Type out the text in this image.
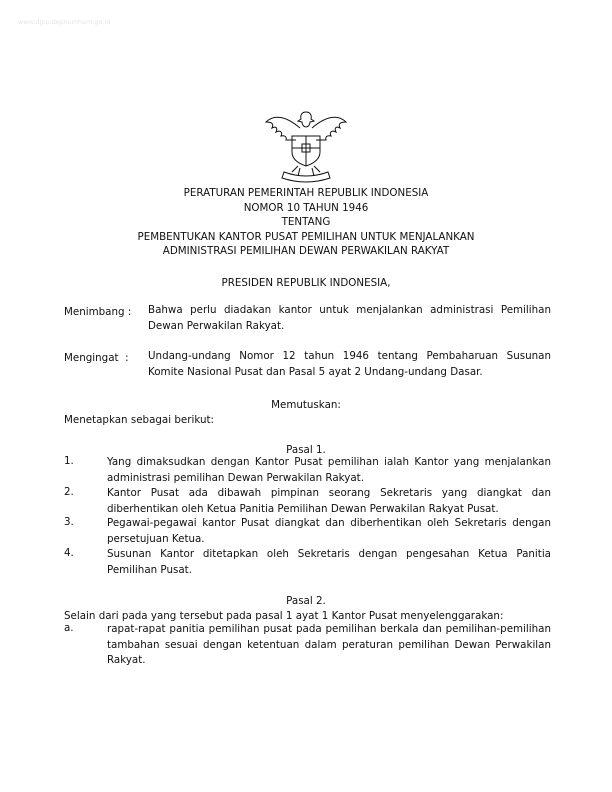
www.djpp.depkumham.go.id
PERATURAN PEMERINTAH REPUBLIK INDONESIA
NOMOR 10 TAHUN 1946
TENTANG
PEMBENTUKAN KANTOR PUSAT PEMILIHAN UNTUK MENJALANKAN
ADMINISTRASI PEMILIHAN DEWAN PERWAKILAN RAKYAT
PRESIDEN REPUBLIK INDONESIA,
Menimbang : Bahwa perlu diadakan kantor untuk menjalankan administrasi Pemilihan Dewan Perwakilan Rakyat.
Mengingat  : Undang-undang Nomor 12 tahun 1946 tentang Pembaharuan Susunan Komite Nasional Pusat dan Pasal 5 ayat 2 Undang-undang Dasar.
Memutuskan:
Menetapkan sebagai berikut:
Pasal 1.
1.	Yang dimaksudkan dengan Kantor Pusat pemilihan ialah Kantor yang menjalankan administrasi pemilihan Dewan Perwakilan Rakyat.
2.	Kantor Pusat ada dibawah pimpinan seorang Sekretaris yang diangkat dan diberhentikan oleh Ketua Panitia Pemilihan Dewan Perwakilan Rakyat Pusat.
3.	Pegawai-pegawai kantor Pusat diangkat dan diberhentikan oleh Sekretaris dengan persetujuan Ketua.
4.	Susunan Kantor ditetapkan oleh Sekretaris dengan pengesahan Ketua Panitia Pemilihan Pusat.
Pasal 2.
Selain dari pada yang tersebut pada pasal 1 ayat 1 Kantor Pusat menyelenggarakan:
a.	rapat-rapat panitia pemilihan pusat pada pemilihan berkala dan pemilihan-pemilihan tambahan sesuai dengan ketentuan dalam peraturan pemilihan Dewan Perwakilan Rakyat.
